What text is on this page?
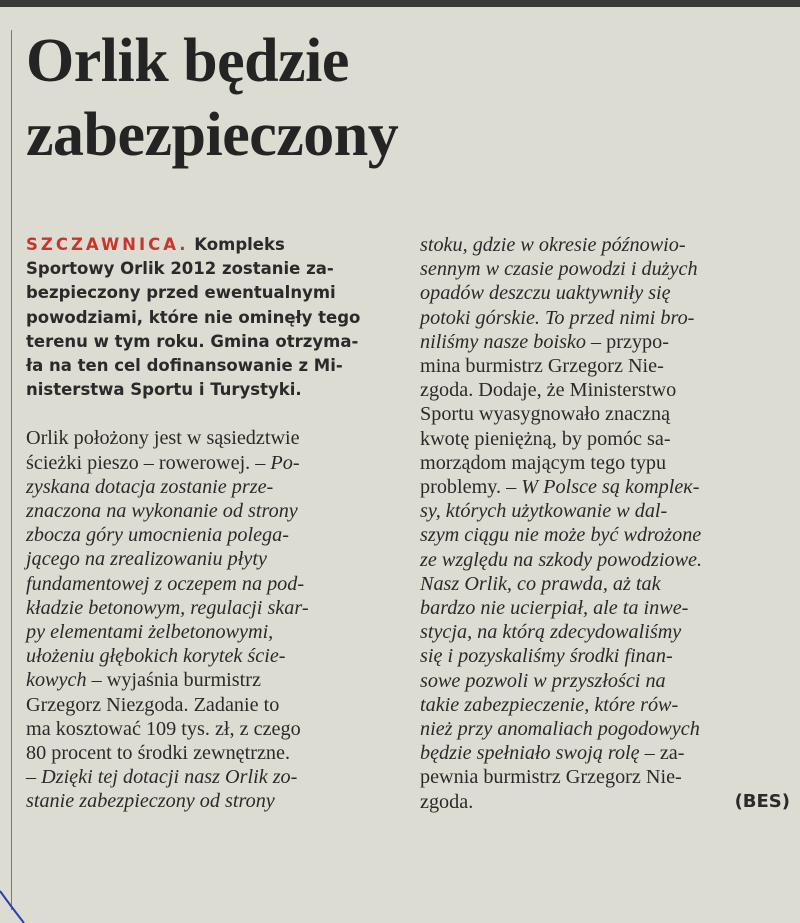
Orlik będzie
zabezpieczony
SZCZAWNICA. Kompleks
Sportowy Orlik 2012 zostanie za-
bezpieczony przed ewentualnymi
powodziami, które nie ominęły tego
terenu w tym roku. Gmina otrzyma-
ła na ten cel dofinansowanie z Mi-
nisterstwa Sportu i Turystyki.
Orlik położony jest w sąsiedztwie
ścieżki pieszo – rowerowej. – Po-
zyskana dotacja zostanie prze-
znaczona na wykonanie od strony
zbocza góry umocnienia polega-
jącego na zrealizowaniu płyty
fundamentowej z oczepem na pod-
kładzie betonowym, regulacji skar-
py elementami żelbetonowymi,
ułożeniu głębokich korytek ście-
kowych – wyjaśnia burmistrz
Grzegorz Niezgoda. Zadanie to
ma kosztować 109 tys. zł, z czego
80 procent to środki zewnętrzne.
– Dzięki tej dotacji nasz Orlik zo-
stanie zabezpieczony od strony
stoku, gdzie w okresie późnowio-
sennym w czasie powodzi i dużych
opadów deszczu uaktywniły się
potoki górskie. To przed nimi bro-
niliśmy nasze boisko – przypo-
mina burmistrz Grzegorz Nie-
zgoda. Dodaje, że Ministerstwo
Sportu wyasygnowało znaczną
kwotę pieniężną, by pomóc sa-
morządom mającym tego typu
problemy. – W Polsce są kompleк-
sy, których użytkowanie w dal-
szym ciągu nie może być wdrożone
ze względu na szkody powodziowe.
Nasz Orlik, co prawda, aż tak
bardzo nie ucierpiał, ale ta inwe-
stycja, na którą zdecydowaliśmy
się i pozyskaliśmy środki finan-
sowe pozwoli w przyszłości na
takie zabezpieczenie, które rów-
nież przy anomaliach pogodowych
będzie spełniało swoją rolę – za-
pewnia burmistrz Grzegorz Nie-
zgoda.	(BES)
